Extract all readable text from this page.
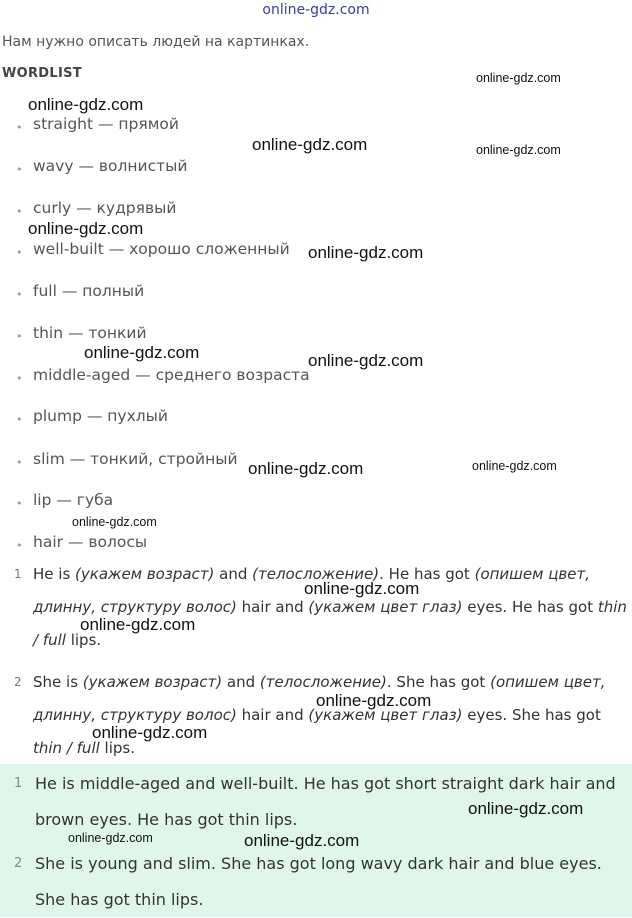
online-gdz.com
Нам нужно описать людей на картинках.
WORDLIST
• straight — прямой
• wavy — волнистый
• curly — кудрявый
• well-built — хорошо сложенный
• full — полный
• thin — тонкий
• middle-aged — среднего возраста
• plump — пухлый
• slim — тонкий, стройный
• lip — губа
• hair — волосы
1 He is (укажем возраст) and (телосложение). He has got (опишем цвет, длинну, структуру волос) hair and (укажем цвет глаз) eyes. He has got thin / full lips.
2 She is (укажем возраст) and (телосложение). She has got (опишем цвет, длинну, структуру волос) hair and (укажем цвет глаз) eyes. She has got thin / full lips.
1 He is middle-aged and well-built. He has got short straight dark hair and brown eyes. He has got thin lips.
2 She is young and slim. She has got long wavy dark hair and blue eyes. She has got thin lips.
online-gdz.com
online-gdz.com
online-gdz.com	online-gdz.com
online-gdz.com
online-gdz.com
online-gdz.com	online-gdz.com
online-gdz.com	online-gdz.com
online-gdz.com
online-gdz.com
online-gdz.com
online-gdz.com
online-gdz.com
online-gdz.com
online-gdz.com	online-gdz.com
